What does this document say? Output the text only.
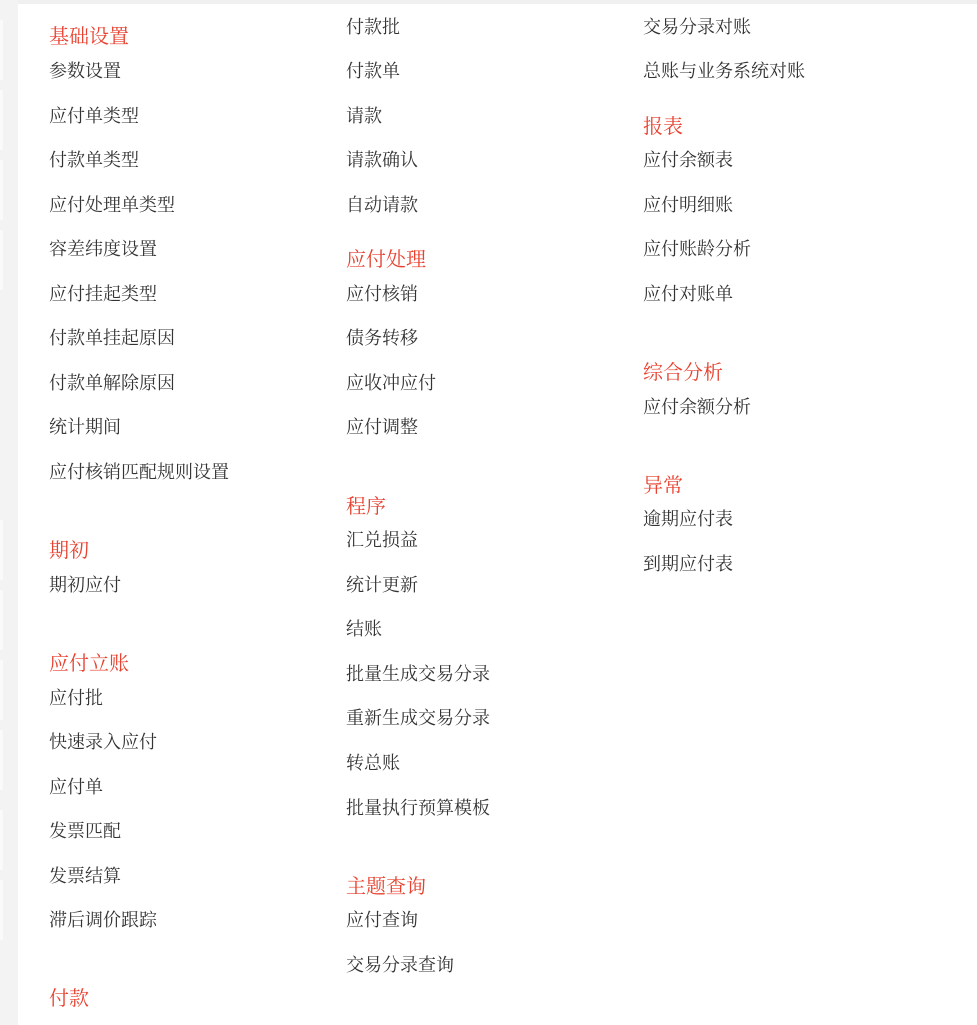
基础设置
参数设置
应付单类型
付款单类型
应付处理单类型
容差纬度设置
应付挂起类型
付款单挂起原因
付款单解除原因
统计期间
应付核销匹配规则设置
期初
期初应付
应付立账
应付批
快速录入应付
应付单
发票匹配
发票结算
滞后调价跟踪
付款
付款批
付款单
请款
请款确认
自动请款
应付处理
应付核销
债务转移
应收冲应付
应付调整
程序
汇兑损益
统计更新
结账
批量生成交易分录
重新生成交易分录
转总账
批量执行预算模板
主题查询
应付查询
交易分录查询
交易分录对账
总账与业务系统对账
报表
应付余额表
应付明细账
应付账龄分析
应付对账单
综合分析
应付余额分析
异常
逾期应付表
到期应付表
